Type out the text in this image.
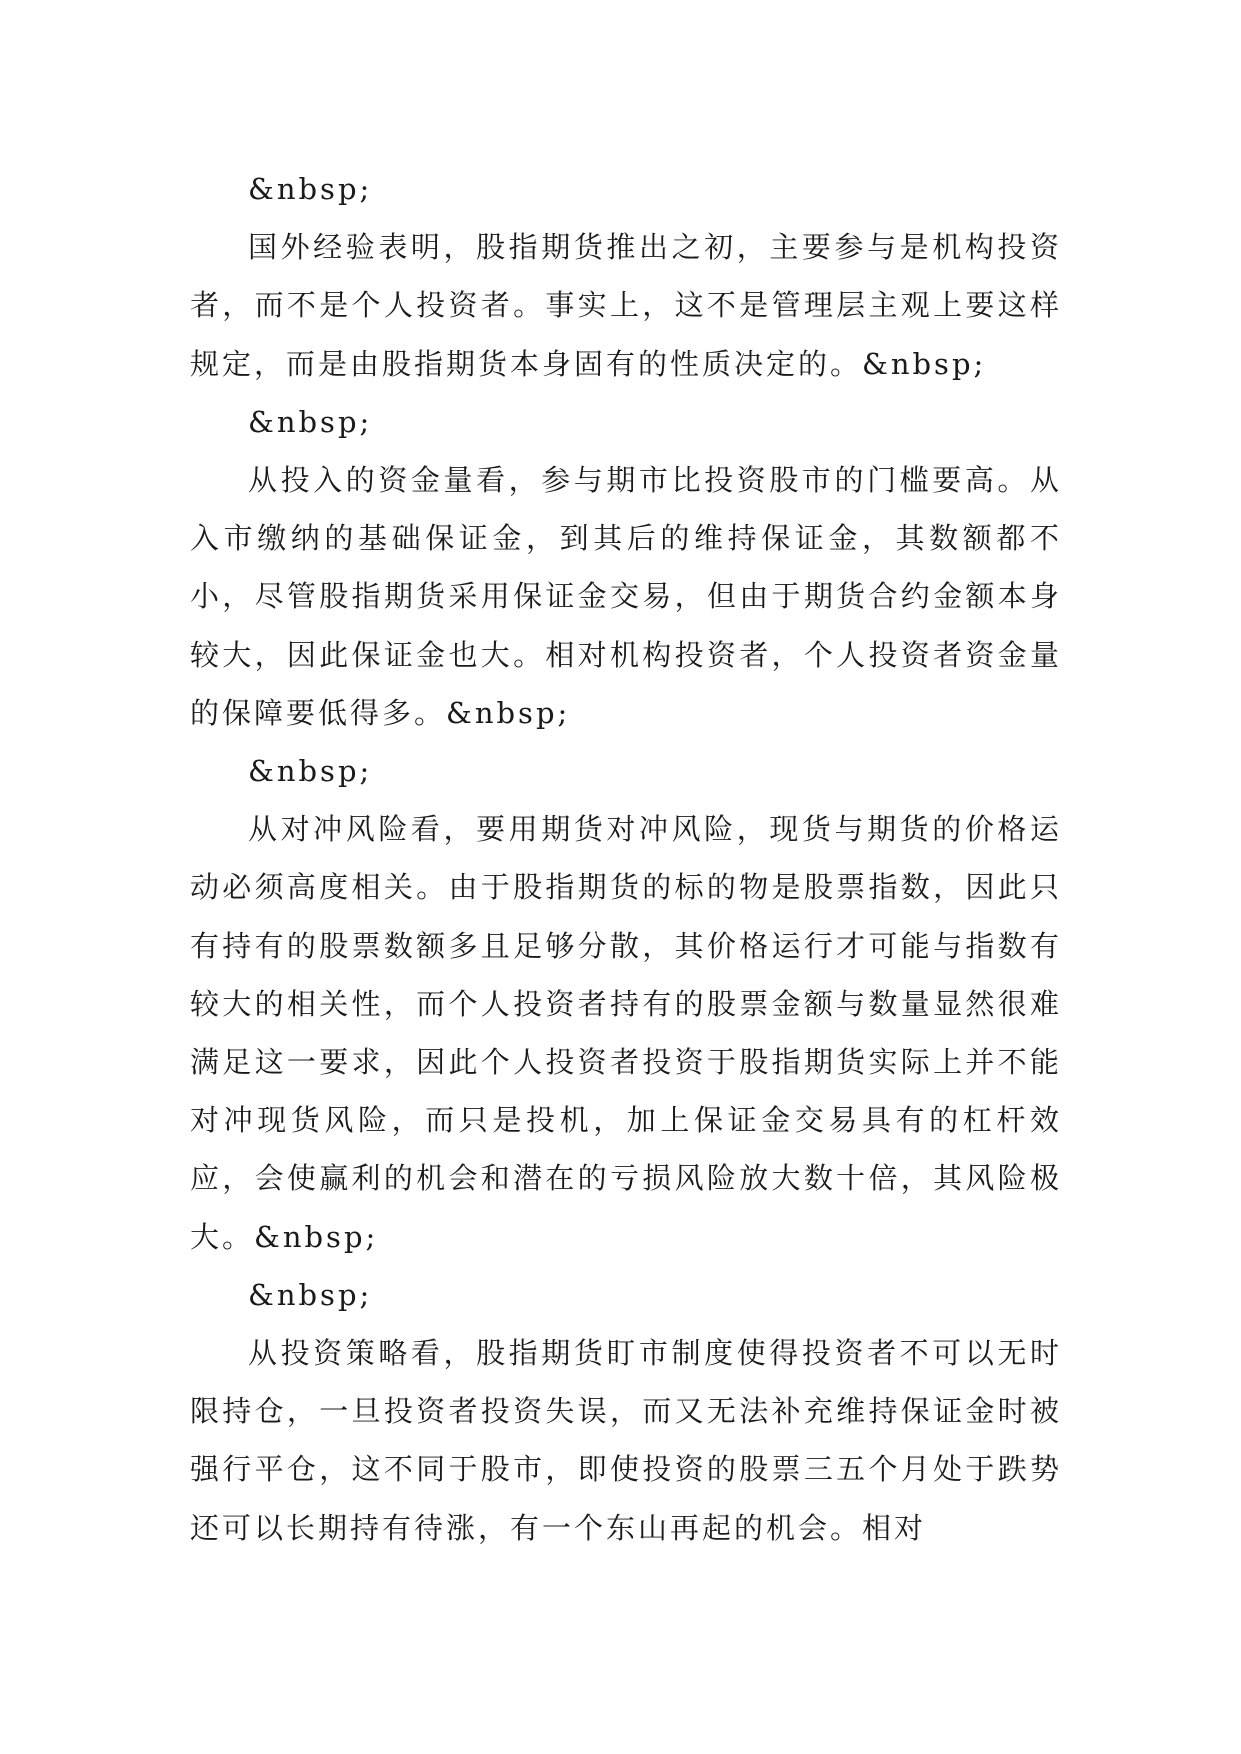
&nbsp;

国外经验表明，股指期货推出之初，主要参与是机构投资者，而不是个人投资者。事实上，这不是管理层主观上要这样规定，而是由股指期货本身固有的性质决定的。&nbsp;

&nbsp;

从投入的资金量看，参与期市比投资股市的门槛要高。从入市缴纳的基础保证金，到其后的维持保证金，其数额都不小，尽管股指期货采用保证金交易，但由于期货合约金额本身较大，因此保证金也大。相对机构投资者，个人投资者资金量的保障要低得多。&nbsp;

&nbsp;

从对冲风险看，要用期货对冲风险，现货与期货的价格运动必须高度相关。由于股指期货的标的物是股票指数，因此只有持有的股票数额多且足够分散，其价格运行才可能与指数有较大的相关性，而个人投资者持有的股票金额与数量显然很难满足这一要求，因此个人投资者投资于股指期货实际上并不能对冲现货风险，而只是投机，加上保证金交易具有的杠杆效应，会使赢利的机会和潜在的亏损风险放大数十倍，其风险极大。&nbsp;

&nbsp;

从投资策略看，股指期货盯市制度使得投资者不可以无时限持仓，一旦投资者投资失误，而又无法补充维持保证金时被强行平仓，这不同于股市，即使投资的股票三五个月处于跌势还可以长期持有待涨，有一个东山再起的机会。相对
